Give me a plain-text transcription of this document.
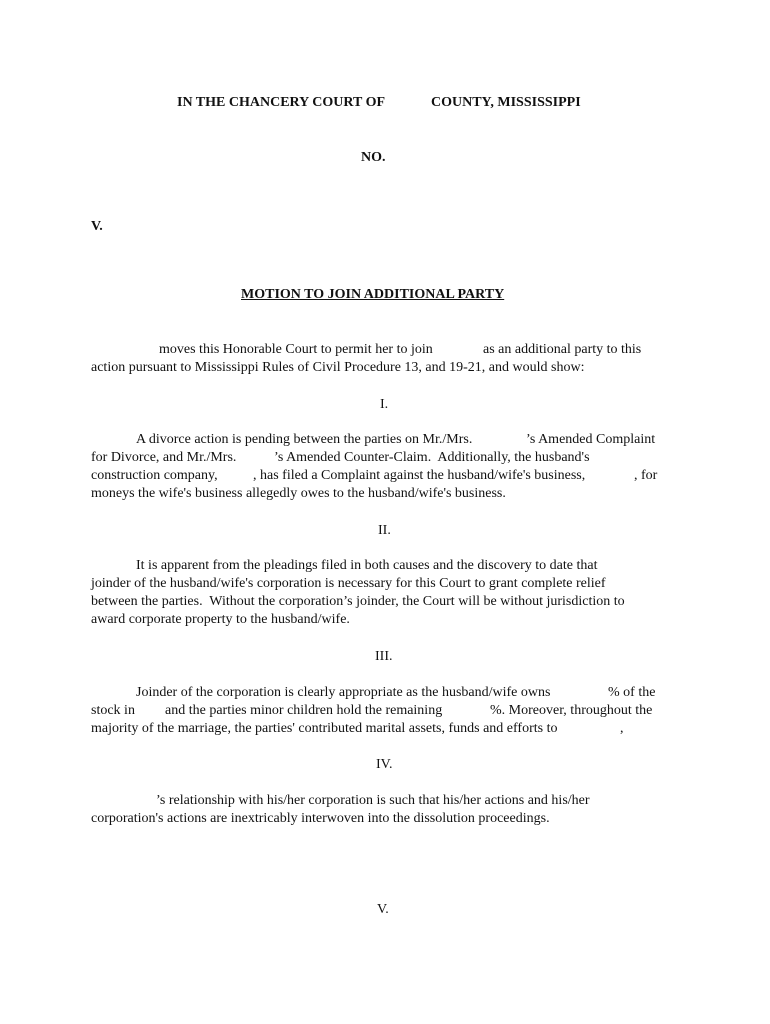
IN THE CHANCERY COURT OF	COUNTY, MISSISSIPPI
NO.
V.
MOTION TO JOIN ADDITIONAL PARTY
moves this Honorable Court to permit her to join	as an additional party to this
action pursuant to Mississippi Rules of Civil Procedure 13, and 19-21, and would show:
I.
A divorce action is pending between the parties on Mr./Mrs.	’s Amended Complaint
for Divorce, and Mr./Mrs.	’s Amended Counter-Claim.  Additionally, the husband's
construction company,	, has filed a Complaint against the husband/wife's business,	, for
moneys the wife's business allegedly owes to the husband/wife's business.
II.
It is apparent from the pleadings filed in both causes and the discovery to date that
joinder of the husband/wife's corporation is necessary for this Court to grant complete relief
between the parties.  Without the corporation’s joinder, the Court will be without jurisdiction to
award corporate property to the husband/wife.
III.
Joinder of the corporation is clearly appropriate as the husband/wife owns	% of the
stock in and the parties minor children hold the remaining	%. Moreover, throughout the
majority of the marriage, the parties' contributed marital assets, funds and efforts to	,
IV.
’s relationship with his/her corporation is such that his/her actions and his/her
corporation's actions are inextricably interwoven into the dissolution proceedings.
V.
